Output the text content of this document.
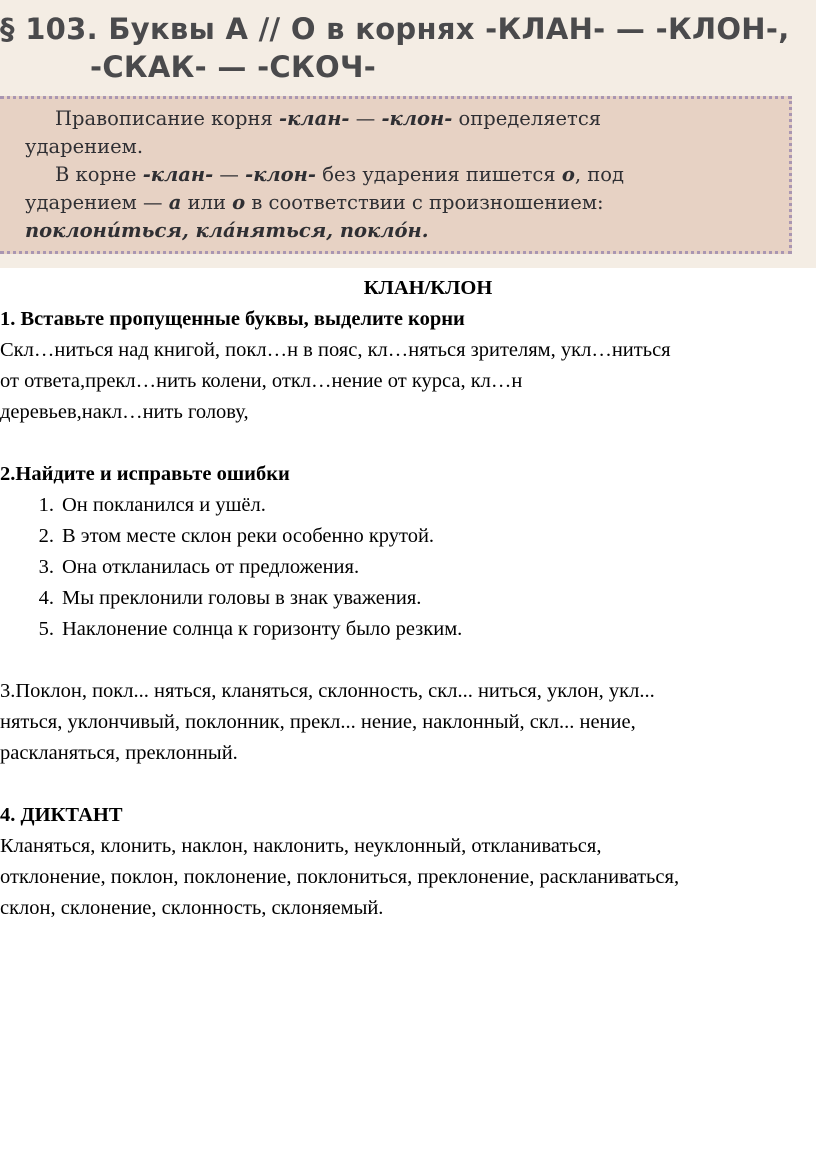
§ 103. Буквы А // О в корнях -КЛАН- — -КЛОН-,
-СКАК- — -СКОЧ-

Правописание корня -клан- — -клон- определяется

ударением.

В корне -клан- — -клон- без ударения пишется о, под

ударением — а или о в соответствии с произношением:

поклони́ться, кла́няться, покло́н.

КЛАН/КЛОН

1. Вставьте пропущенные буквы, выделите корни

Скл…ниться над книгой, покл…н в пояс, кл…няться зрителям, укл…ниться

от ответа,прекл…нить колени, откл…нение от курса, кл…н

деревьев,накл…нить голову,

2.Найдите и исправьте ошибки

1. Он покланился и ушёл.
2. В этом месте склон реки особенно крутой.
3. Она откланилась от предложения.
4. Мы преклонили головы в знак уважения.
5. Наклонение солнца к горизонту было резким.

3.Поклон, покл... няться, кланяться, склонность, скл... ниться, уклон, укл...

няться, уклончивый, поклонник, прекл... нение, наклонный, скл... нение,

раскланяться, преклонный.

4. ДИКТАНТ

Кланяться, клонить, наклон, наклонить, неуклонный, откланиваться,

отклонение, поклон, поклонение, поклониться, преклонение, раскланиваться,

склон, склонение, склонность, склоняемый.
